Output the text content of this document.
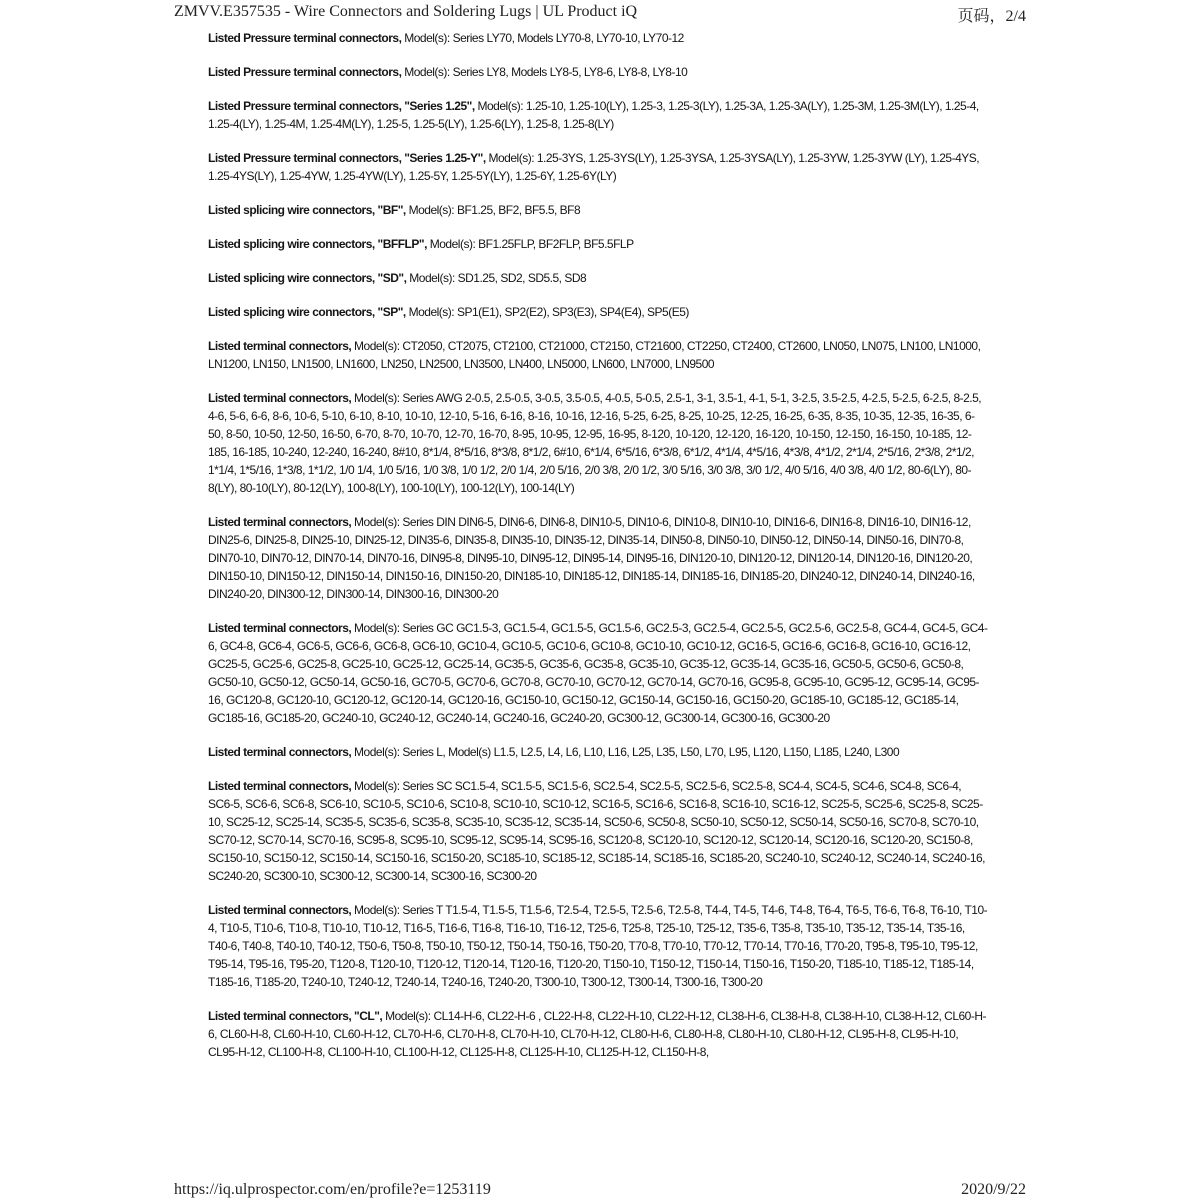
ZMVV.E357535 - Wire Connectors and Soldering Lugs | UL Product iQ	页码，2/4

Listed Pressure terminal connectors, Model(s): Series LY70, Models LY70-8, LY70-10, LY70-12

Listed Pressure terminal connectors, Model(s): Series LY8, Models LY8-5, LY8-6, LY8-8, LY8-10

Listed Pressure terminal connectors, "Series 1.25", Model(s): 1.25-10, 1.25-10(LY), 1.25-3, 1.25-3(LY), 1.25-3A, 1.25-3A(LY), 1.25-3M, 1.25-3M(LY), 1.25-4, 1.25-4(LY), 1.25-4M, 1.25-4M(LY), 1.25-5, 1.25-5(LY), 1.25-6(LY), 1.25-8, 1.25-8(LY)

Listed Pressure terminal connectors, "Series 1.25-Y", Model(s): 1.25-3YS, 1.25-3YS(LY), 1.25-3YSA, 1.25-3YSA(LY), 1.25-3YW, 1.25-3YW (LY), 1.25-4YS, 1.25-4YS(LY), 1.25-4YW, 1.25-4YW(LY), 1.25-5Y, 1.25-5Y(LY), 1.25-6Y, 1.25-6Y(LY)

Listed splicing wire connectors, "BF", Model(s): BF1.25, BF2, BF5.5, BF8

Listed splicing wire connectors, "BFFLP", Model(s): BF1.25FLP, BF2FLP, BF5.5FLP

Listed splicing wire connectors, "SD", Model(s): SD1.25, SD2, SD5.5, SD8

Listed splicing wire connectors, "SP", Model(s): SP1(E1), SP2(E2), SP3(E3), SP4(E4), SP5(E5)

Listed terminal connectors, Model(s): CT2050, CT2075, CT2100, CT21000, CT2150, CT21600, CT2250, CT2400, CT2600, LN050, LN075, LN100, LN1000, LN1200, LN150, LN1500, LN1600, LN250, LN2500, LN3500, LN400, LN5000, LN600, LN7000, LN9500

Listed terminal connectors, Model(s): Series AWG 2-0.5, 2.5-0.5, 3-0.5, 3.5-0.5, 4-0.5, 5-0.5, 2.5-1, 3-1, 3.5-1, 4-1, 5-1, 3-2.5, 3.5-2.5, 4-2.5, 5-2.5, 6-2.5, 8-2.5, 4-6, 5-6, 6-6, 8-6, 10-6, 5-10, 6-10, 8-10, 10-10, 12-10, 5-16, 6-16, 8-16, 10-16, 12-16, 5-25, 6-25, 8-25, 10-25, 12-25, 16-25, 6-35, 8-35, 10-35, 12-35, 16-35, 6-50, 8-50, 10-50, 12-50, 16-50, 6-70, 8-70, 10-70, 12-70, 16-70, 8-95, 10-95, 12-95, 16-95, 8-120, 10-120, 12-120, 16-120, 10-150, 12-150, 16-150, 10-185, 12-185, 16-185, 10-240, 12-240, 16-240, 8#10, 8*1/4, 8*5/16, 8*3/8, 8*1/2, 6#10, 6*1/4, 6*5/16, 6*3/8, 6*1/2, 4*1/4, 4*5/16, 4*3/8, 4*1/2, 2*1/4, 2*5/16, 2*3/8, 2*1/2, 1*1/4, 1*5/16, 1*3/8, 1*1/2, 1/0 1/4, 1/0 5/16, 1/0 3/8, 1/0 1/2, 2/0 1/4, 2/0 5/16, 2/0 3/8, 2/0 1/2, 3/0 5/16, 3/0 3/8, 3/0 1/2, 4/0 5/16, 4/0 3/8, 4/0 1/2, 80-6(LY), 80-8(LY), 80-10(LY), 80-12(LY), 100-8(LY), 100-10(LY), 100-12(LY), 100-14(LY)

Listed terminal connectors, Model(s): Series DIN DIN6-5, DIN6-6, DIN6-8, DIN10-5, DIN10-6, DIN10-8, DIN10-10, DIN16-6, DIN16-8, DIN16-10, DIN16-12, DIN25-6, DIN25-8, DIN25-10, DIN25-12, DIN35-6, DIN35-8, DIN35-10, DIN35-12, DIN35-14, DIN50-8, DIN50-10, DIN50-12, DIN50-14, DIN50-16, DIN70-8, DIN70-10, DIN70-12, DIN70-14, DIN70-16, DIN95-8, DIN95-10, DIN95-12, DIN95-14, DIN95-16, DIN120-10, DIN120-12, DIN120-14, DIN120-16, DIN120-20, DIN150-10, DIN150-12, DIN150-14, DIN150-16, DIN150-20, DIN185-10, DIN185-12, DIN185-14, DIN185-16, DIN185-20, DIN240-12, DIN240-14, DIN240-16, DIN240-20, DIN300-12, DIN300-14, DIN300-16, DIN300-20

Listed terminal connectors, Model(s): Series GC GC1.5-3, GC1.5-4, GC1.5-5, GC1.5-6, GC2.5-3, GC2.5-4, GC2.5-5, GC2.5-6, GC2.5-8, GC4-4, GC4-5, GC4-6, GC4-8, GC6-4, GC6-5, GC6-6, GC6-8, GC6-10, GC10-4, GC10-5, GC10-6, GC10-8, GC10-10, GC10-12, GC16-5, GC16-6, GC16-8, GC16-10, GC16-12, GC25-5, GC25-6, GC25-8, GC25-10, GC25-12, GC25-14, GC35-5, GC35-6, GC35-8, GC35-10, GC35-12, GC35-14, GC35-16, GC50-5, GC50-6, GC50-8, GC50-10, GC50-12, GC50-14, GC50-16, GC70-5, GC70-6, GC70-8, GC70-10, GC70-12, GC70-14, GC70-16, GC95-8, GC95-10, GC95-12, GC95-14, GC95-16, GC120-8, GC120-10, GC120-12, GC120-14, GC120-16, GC150-10, GC150-12, GC150-14, GC150-16, GC150-20, GC185-10, GC185-12, GC185-14, GC185-16, GC185-20, GC240-10, GC240-12, GC240-14, GC240-16, GC240-20, GC300-12, GC300-14, GC300-16, GC300-20

Listed terminal connectors, Model(s): Series L, Model(s) L1.5, L2.5, L4, L6, L10, L16, L25, L35, L50, L70, L95, L120, L150, L185, L240, L300

Listed terminal connectors, Model(s): Series SC SC1.5-4, SC1.5-5, SC1.5-6, SC2.5-4, SC2.5-5, SC2.5-6, SC2.5-8, SC4-4, SC4-5, SC4-6, SC4-8, SC6-4, SC6-5, SC6-6, SC6-8, SC6-10, SC10-5, SC10-6, SC10-8, SC10-10, SC10-12, SC16-5, SC16-6, SC16-8, SC16-10, SC16-12, SC25-5, SC25-6, SC25-8, SC25-10, SC25-12, SC25-14, SC35-5, SC35-6, SC35-8, SC35-10, SC35-12, SC35-14, SC50-6, SC50-8, SC50-10, SC50-12, SC50-14, SC50-16, SC70-8, SC70-10, SC70-12, SC70-14, SC70-16, SC95-8, SC95-10, SC95-12, SC95-14, SC95-16, SC120-8, SC120-10, SC120-12, SC120-14, SC120-16, SC120-20, SC150-8, SC150-10, SC150-12, SC150-14, SC150-16, SC150-20, SC185-10, SC185-12, SC185-14, SC185-16, SC185-20, SC240-10, SC240-12, SC240-14, SC240-16, SC240-20, SC300-10, SC300-12, SC300-14, SC300-16, SC300-20

Listed terminal connectors, Model(s): Series T T1.5-4, T1.5-5, T1.5-6, T2.5-4, T2.5-5, T2.5-6, T2.5-8, T4-4, T4-5, T4-6, T4-8, T6-4, T6-5, T6-6, T6-8, T6-10, T10-4, T10-5, T10-6, T10-8, T10-10, T10-12, T16-5, T16-6, T16-8, T16-10, T16-12, T25-6, T25-8, T25-10, T25-12, T35-6, T35-8, T35-10, T35-12, T35-14, T35-16, T40-6, T40-8, T40-10, T40-12, T50-6, T50-8, T50-10, T50-12, T50-14, T50-16, T50-20, T70-8, T70-10, T70-12, T70-14, T70-16, T70-20, T95-8, T95-10, T95-12, T95-14, T95-16, T95-20, T120-8, T120-10, T120-12, T120-14, T120-16, T120-20, T150-10, T150-12, T150-14, T150-16, T150-20, T185-10, T185-12, T185-14, T185-16, T185-20, T240-10, T240-12, T240-14, T240-16, T240-20, T300-10, T300-12, T300-14, T300-16, T300-20

Listed terminal connectors, "CL", Model(s): CL14-H-6, CL22-H-6 , CL22-H-8, CL22-H-10, CL22-H-12, CL38-H-6, CL38-H-8, CL38-H-10, CL38-H-12, CL60-H-6, CL60-H-8, CL60-H-10, CL60-H-12, CL70-H-6, CL70-H-8, CL70-H-10, CL70-H-12, CL80-H-6, CL80-H-8, CL80-H-10, CL80-H-12, CL95-H-8, CL95-H-10, CL95-H-12, CL100-H-8, CL100-H-10, CL100-H-12, CL125-H-8, CL125-H-10, CL125-H-12, CL150-H-8,

https://iq.ulprospector.com/en/profile?e=1253119	2020/9/22
